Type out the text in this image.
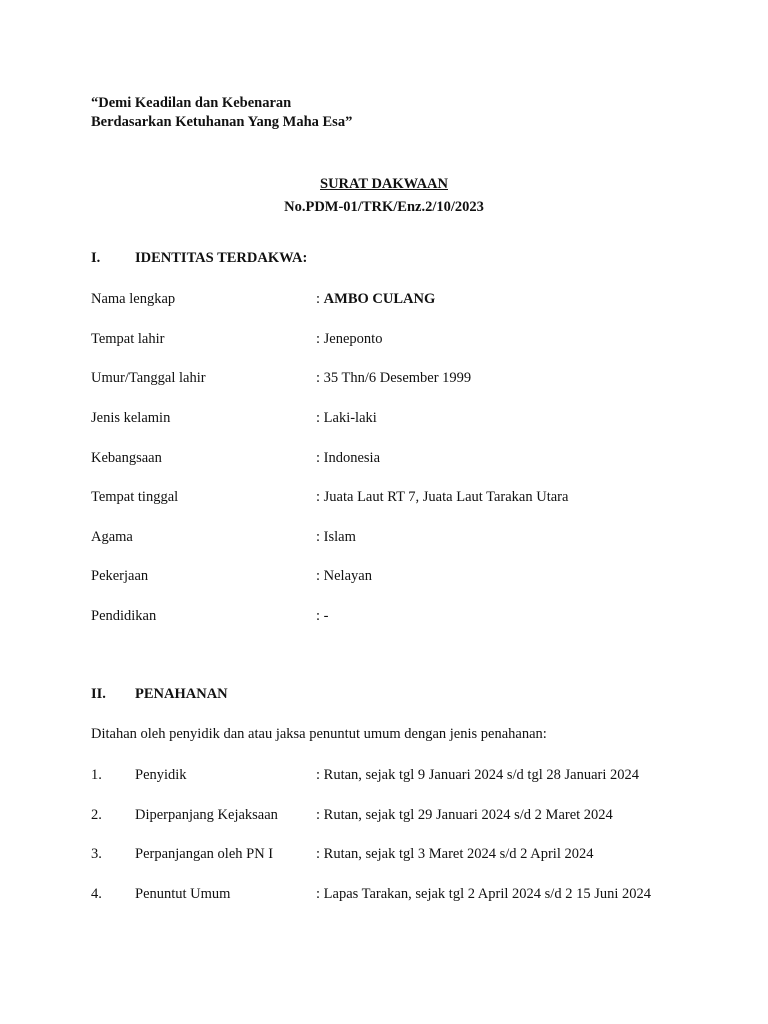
“Demi Keadilan dan Kebenaran
Berdasarkan Ketuhanan Yang Maha Esa”
SURAT DAKWAAN
No.PDM-01/TRK/Enz.2/10/2023
I. IDENTITAS TERDAKWA:
Nama lengkap	: AMBO CULANG
Tempat lahir	: Jeneponto
Umur/Tanggal lahir	: 35 Thn/6 Desember 1999
Jenis kelamin	: Laki-laki
Kebangsaan	: Indonesia
Tempat tinggal	: Juata Laut RT 7, Juata Laut Tarakan Utara
Agama	: Islam
Pekerjaan	: Nelayan
Pendidikan	: -
II. PENAHANAN
Ditahan oleh penyidik dan atau jaksa penuntut umum dengan jenis penahanan:
1. Penyidik	: Rutan, sejak tgl 9 Januari 2024 s/d tgl 28 Januari 2024
2. Diperpanjang Kejaksaan	: Rutan, sejak tgl 29 Januari 2024 s/d 2 Maret 2024
3. Perpanjangan oleh PN I	: Rutan, sejak tgl 3 Maret 2024 s/d 2 April 2024
4. Penuntut Umum	: Lapas Tarakan, sejak tgl 2 April 2024 s/d 2 15 Juni 2024
